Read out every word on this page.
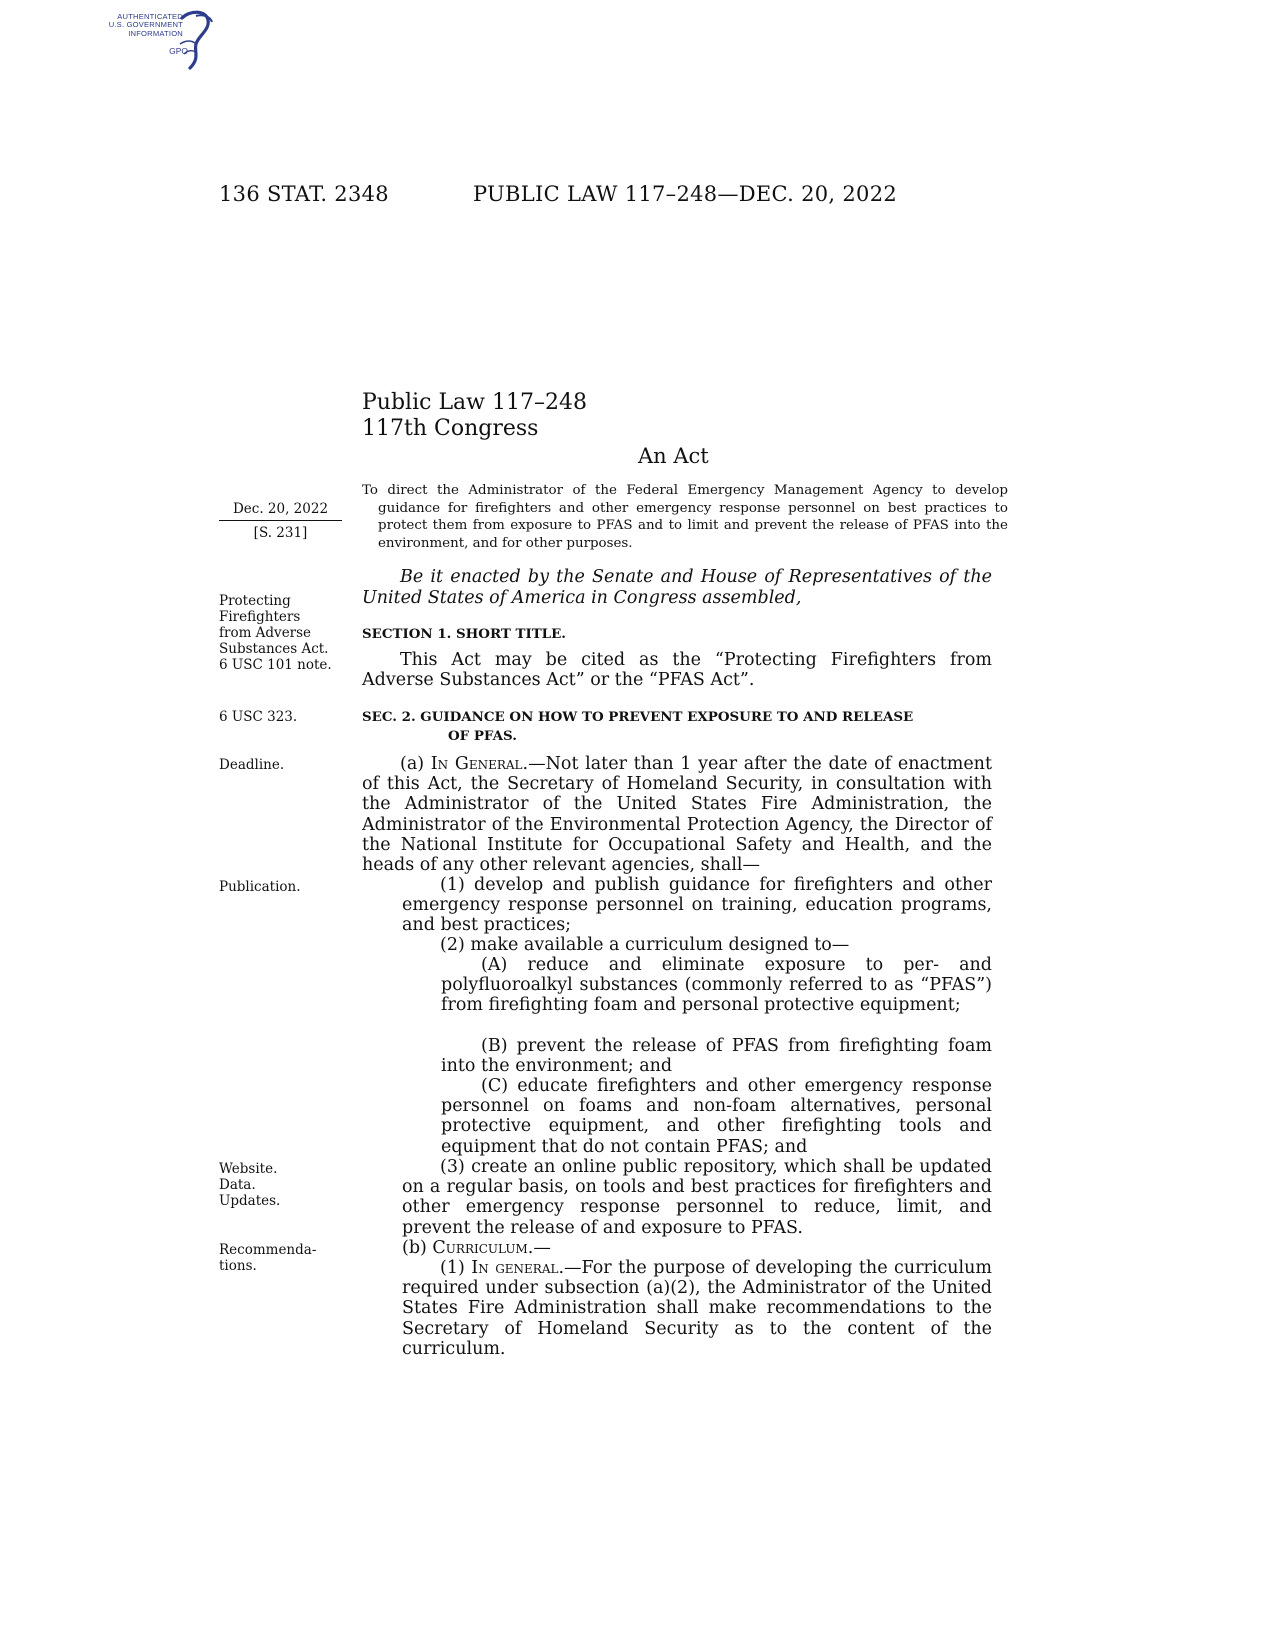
AUTHENTICATED
U.S. GOVERNMENT
INFORMATION
GPO
136 STAT. 2348	PUBLIC LAW 117–248—DEC. 20, 2022
Public Law 117–248
117th Congress
An Act
Dec. 20, 2022
[S. 231]
To direct the Administrator of the Federal Emergency Management Agency to develop guidance for firefighters and other emergency response personnel on best practices to protect them from exposure to PFAS and to limit and prevent the release of PFAS into the environment, and for other purposes.
Be it enacted by the Senate and House of Representatives of the United States of America in Congress assembled,
Protecting
Firefighters
from Adverse
Substances Act.
6 USC 101 note.
6 USC 323.
Deadline.
Publication.
Website.
Data.
Updates.
Recommenda-
tions.
SECTION 1. SHORT TITLE.
This Act may be cited as the “Protecting Firefighters from Adverse Substances Act” or the “PFAS Act”.
SEC. 2. GUIDANCE ON HOW TO PREVENT EXPOSURE TO AND RELEASE
OF PFAS.
(a) In General.—Not later than 1 year after the date of enactment of this Act, the Secretary of Homeland Security, in consultation with the Administrator of the United States Fire Administration, the Administrator of the Environmental Protection Agency, the Director of the National Institute for Occupational Safety and Health, and the heads of any other relevant agencies, shall—
(1) develop and publish guidance for firefighters and other emergency response personnel on training, education programs, and best practices;
(2) make available a curriculum designed to—
(A) reduce and eliminate exposure to per- and polyfluoroalkyl substances (commonly referred to as “PFAS”) from firefighting foam and personal protective equipment;
(B) prevent the release of PFAS from firefighting foam into the environment; and
(C) educate firefighters and other emergency response personnel on foams and non-foam alternatives, personal protective equipment, and other firefighting tools and equipment that do not contain PFAS; and
(3) create an online public repository, which shall be updated on a regular basis, on tools and best practices for firefighters and other emergency response personnel to reduce, limit, and prevent the release of and exposure to PFAS.
(b) Curriculum.—
(1) In general.—For the purpose of developing the curriculum required under subsection (a)(2), the Administrator of the United States Fire Administration shall make recommendations to the Secretary of Homeland Security as to the content of the curriculum.
